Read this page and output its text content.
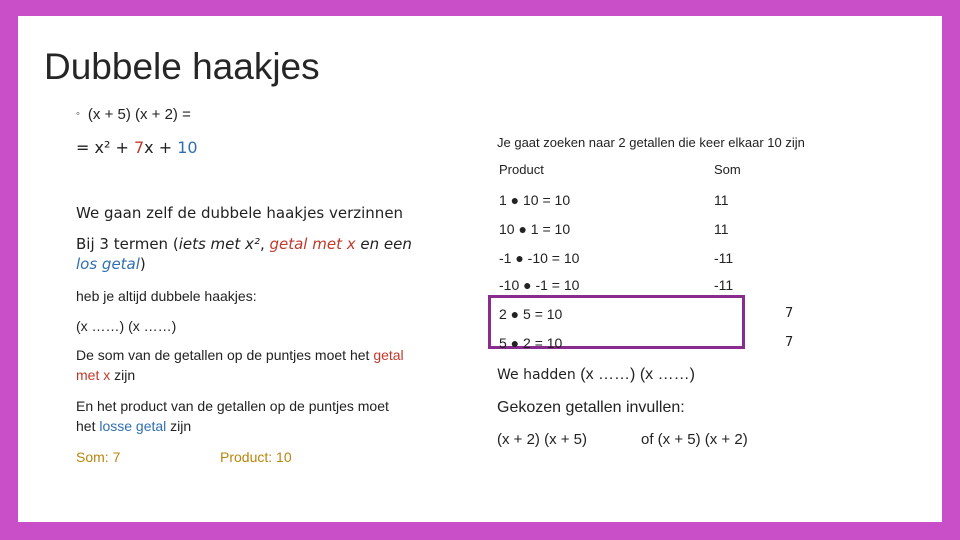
Dubbele haakjes
◦ (x + 5) (x + 2) =
= x² + 7x + 10
We gaan zelf de dubbele haakjes verzinnen
Bij 3 termen (iets met x², getal met x en een los getal)
heb je altijd dubbele haakjes:
(x ……) (x ……)
De som van de getallen op de puntjes moet het getal met x zijn
En het product van de getallen op de puntjes moet het losse getal zijn
Som: 7	Product: 10
Je gaat zoeken naar 2 getallen die keer elkaar 10 zijn
Product	Som
1 ● 10 = 10	11
10 ● 1 = 10	11
-1 ● -10 = 10	-11
-10 ● -1 = 10	-11
2 ● 5 = 10	7
5 ● 2 = 10	7
We hadden (x ……) (x ……)
Gekozen getallen invullen:
(x + 2) (x + 5)	of (x + 5) (x + 2)
